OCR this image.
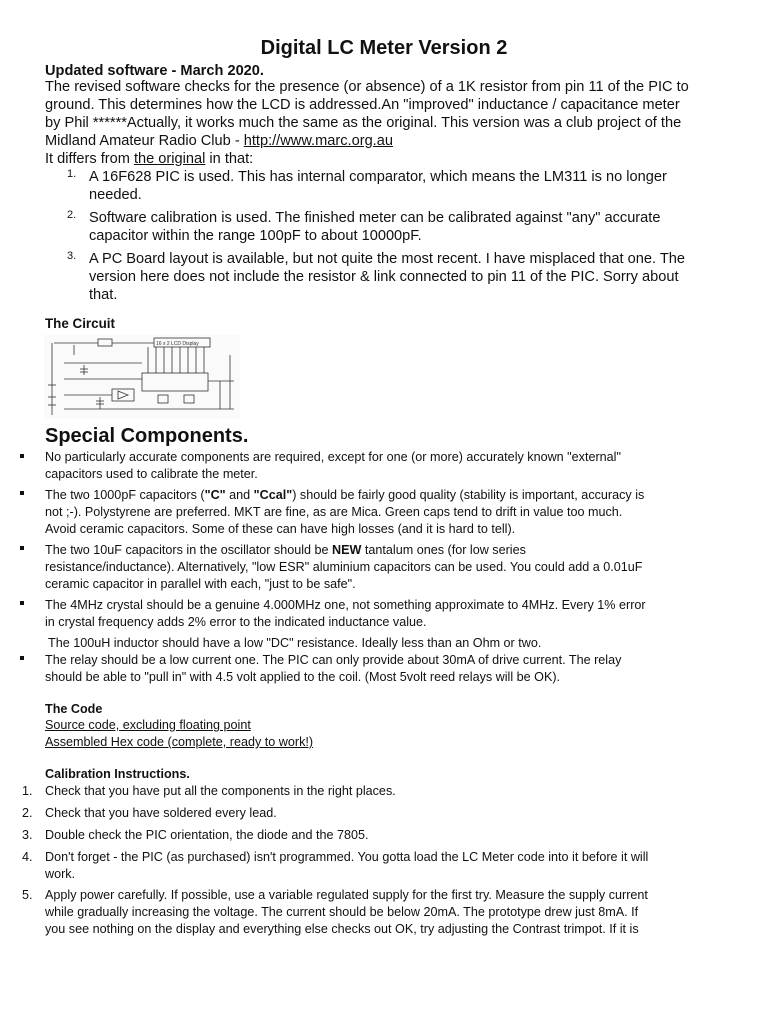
Digital LC Meter Version 2
Updated software - March 2020.
The revised software checks for the presence (or absence) of a 1K resistor from pin 11 of the PIC to
ground. This determines how the LCD is addressed.An "improved" inductance / capacitance meter
by Phil ******Actually, it works much the same as the original. This version was a club project of the
Midland Amateur Radio Club - http://www.marc.org.au
It differs from the original in that:
1. A 16F628 PIC is used. This has internal comparator, which means the LM311 is no longer
needed.
2. Software calibration is used. The finished meter can be calibrated against "any" accurate
capacitor within the range 100pF to about 10000pF.
3. A PC Board layout is available, but not quite the most recent. I have misplaced that one. The
version here does not include the resistor & link connected to pin 11 of the PIC. Sorry about
that.
The Circuit
16 x 2 LCD Display
Special Components.
No particularly accurate components are required, except for one (or more) accurately known "external"
capacitors used to calibrate the meter.
The two 1000pF capacitors ("C" and "Ccal") should be fairly good quality (stability is important, accuracy is
not ;-). Polystyrene are preferred. MKT are fine, as are Mica. Green caps tend to drift in value too much.
Avoid ceramic capacitors. Some of these can have high losses (and it is hard to tell).
The two 10uF capacitors in the oscillator should be NEW tantalum ones (for low series
resistance/inductance). Alternatively, "low ESR" aluminium capacitors can be used. You could add a 0.01uF
ceramic capacitor in parallel with each, "just to be safe".
The 4MHz crystal should be a genuine 4.000MHz one, not something approximate to 4MHz. Every 1% error
in crystal frequency adds 2% error to the indicated inductance value.
The 100uH inductor should have a low "DC" resistance. Ideally less than an Ohm or two.
The relay should be a low current one. The PIC can only provide about 30mA of drive current. The relay
should be able to "pull in" with 4.5 volt applied to the coil. (Most 5volt reed relays will be OK).
The Code
Source code, excluding floating point
Assembled Hex code (complete, ready to work!)
Calibration Instructions.
1. Check that you have put all the components in the right places.
2. Check that you have soldered every lead.
3. Double check the PIC orientation, the diode and the 7805.
4. Don't forget - the PIC (as purchased) isn't programmed. You gotta load the LC Meter code into it before it will
work.
5. Apply power carefully. If possible, use a variable regulated supply for the first try. Measure the supply current
while gradually increasing the voltage. The current should be below 20mA. The prototype drew just 8mA. If
you see nothing on the display and everything else checks out OK, try adjusting the Contrast trimpot. If it is
